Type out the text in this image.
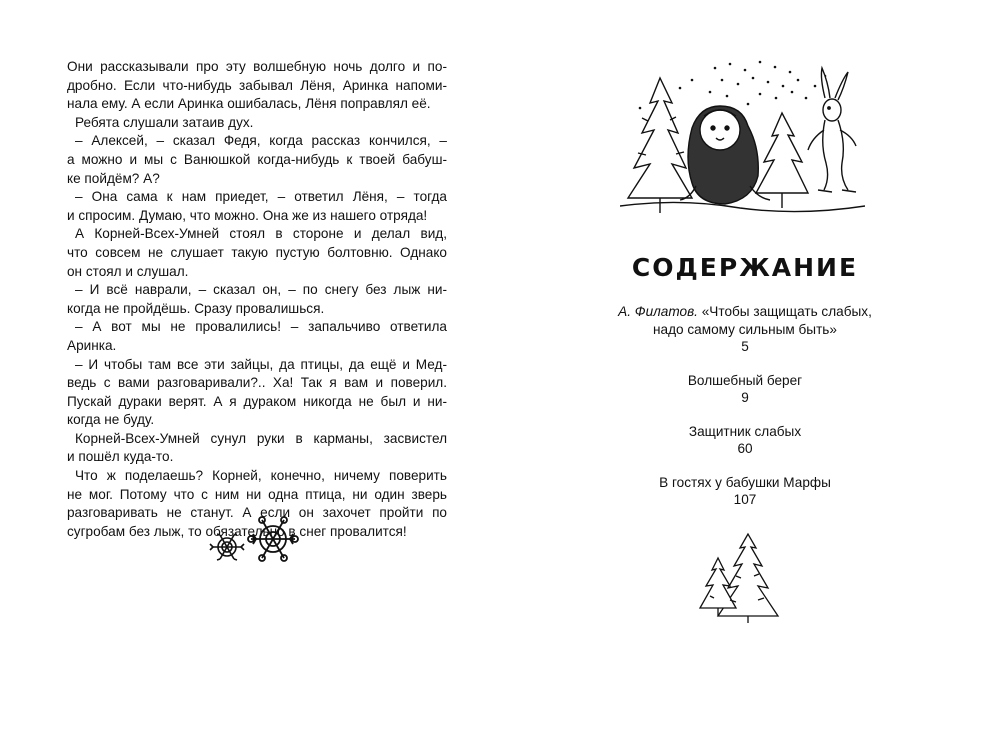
Они рассказывали про эту волшебную ночь долго и по-
дробно. Если что-нибудь забывал Лёня, Аринка напоми-
нала ему. А если Аринка ошибалась, Лёня поправлял её.
Ребята слушали затаив дух.
– Алексей, – сказал Федя, когда рассказ кончился, –
а можно и мы с Ванюшкой когда-нибудь к твоей бабуш-
ке пойдём? А?
– Она сама к нам приедет, – ответил Лёня, – тогда
и спросим. Думаю, что можно. Она же из нашего отряда!
А Корней-Всех-Умней стоял в стороне и делал вид,
что совсем не слушает такую пустую болтовню. Однако
он стоял и слушал.
– И всё наврали, – сказал он, – по снегу без лыж ни-
когда не пройдёшь. Сразу провалишься.
– А вот мы не провалились! – запальчиво ответила
Аринка.
– И чтобы там все эти зайцы, да птицы, да ещё и Мед-
ведь с вами разговаривали?.. Ха! Так я вам и поверил.
Пускай дураки верят. А я дураком никогда не был и ни-
когда не буду.
Корней-Всех-Умней сунул руки в карманы, засвистел
и пошёл куда-то.
Что ж поделаешь? Корней, конечно, ничему поверить
не мог. Потому что с ним ни одна птица, ни один зверь
разговаривать не станут. А если он захочет пройти по
сугробам без лыж, то обязательно в снег провалится!
СОДЕРЖАНИЕ
А. Филатов. «Чтобы защищать слабых,
надо самому сильным быть»
5
Волшебный берег
9
Защитник слабых
60
В гостях у бабушки Марфы
107
